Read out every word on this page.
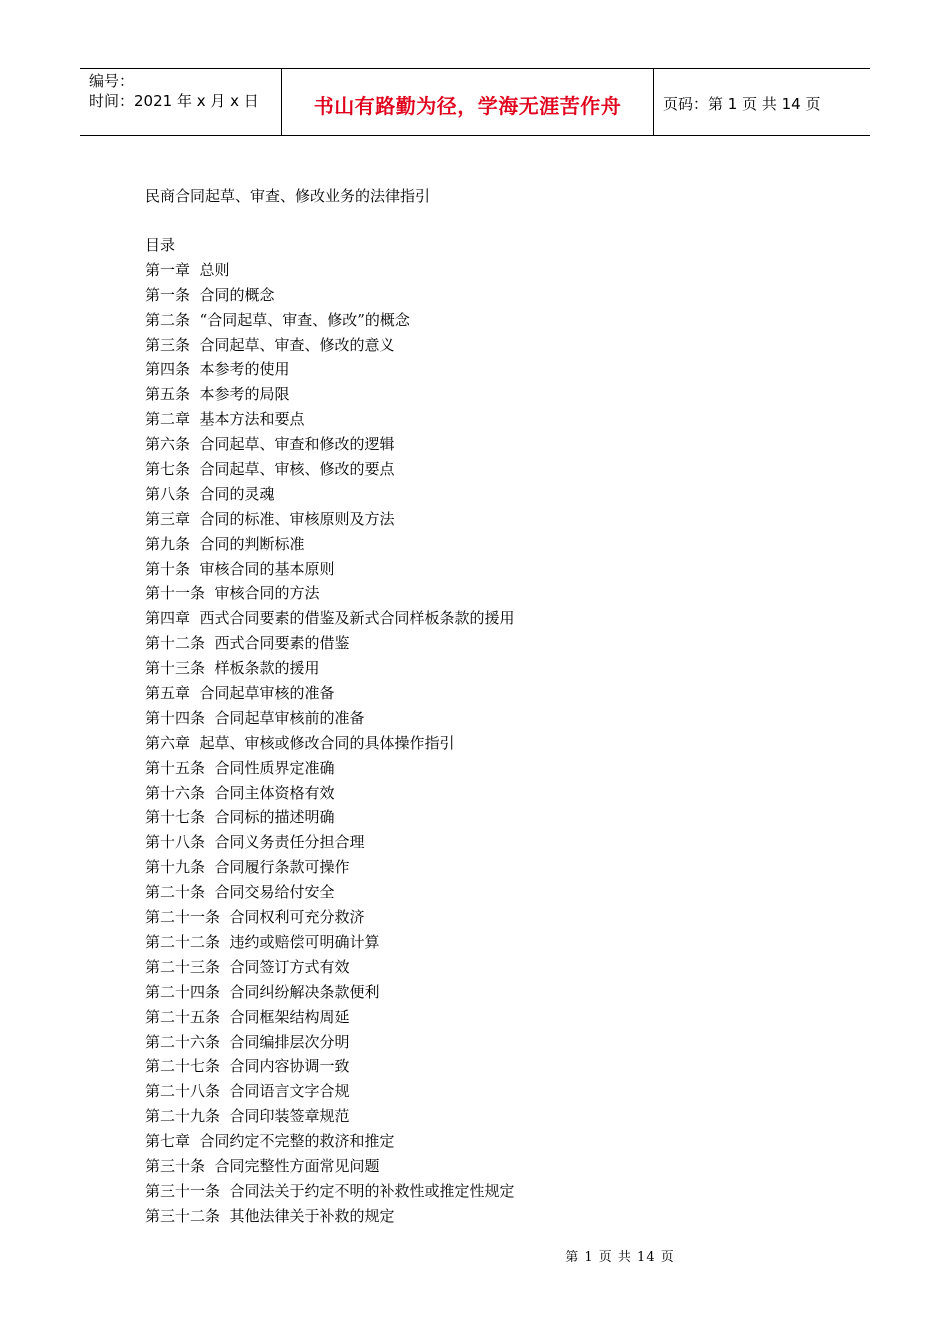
编号：
时间：2021 年 x 月 x 日	书山有路勤为径，学海无涯苦作舟	页码：第 1 页 共 14 页
民商合同起草、审查、修改业务的法律指引
目录
第一章  总则
第一条  合同的概念
第二条  “合同起草、审查、修改”的概念
第三条  合同起草、审查、修改的意义
第四条  本参考的使用
第五条  本参考的局限
第二章  基本方法和要点
第六条  合同起草、审查和修改的逻辑
第七条  合同起草、审核、修改的要点
第八条  合同的灵魂
第三章  合同的标准、审核原则及方法
第九条  合同的判断标准
第十条  审核合同的基本原则
第十一条  审核合同的方法
第四章  西式合同要素的借鉴及新式合同样板条款的援用
第十二条  西式合同要素的借鉴
第十三条  样板条款的援用
第五章  合同起草审核的准备
第十四条  合同起草审核前的准备
第六章  起草、审核或修改合同的具体操作指引
第十五条  合同性质界定准确
第十六条  合同主体资格有效
第十七条  合同标的描述明确
第十八条  合同义务责任分担合理
第十九条  合同履行条款可操作
第二十条  合同交易给付安全
第二十一条  合同权利可充分救济
第二十二条  违约或赔偿可明确计算
第二十三条  合同签订方式有效
第二十四条  合同纠纷解决条款便利
第二十五条  合同框架结构周延
第二十六条  合同编排层次分明
第二十七条  合同内容协调一致
第二十八条  合同语言文字合规
第二十九条  合同印装签章规范
第七章  合同约定不完整的救济和推定
第三十条  合同完整性方面常见问题
第三十一条  合同法关于约定不明的补救性或推定性规定
第三十二条  其他法律关于补救的规定
第 1 页 共 14 页
